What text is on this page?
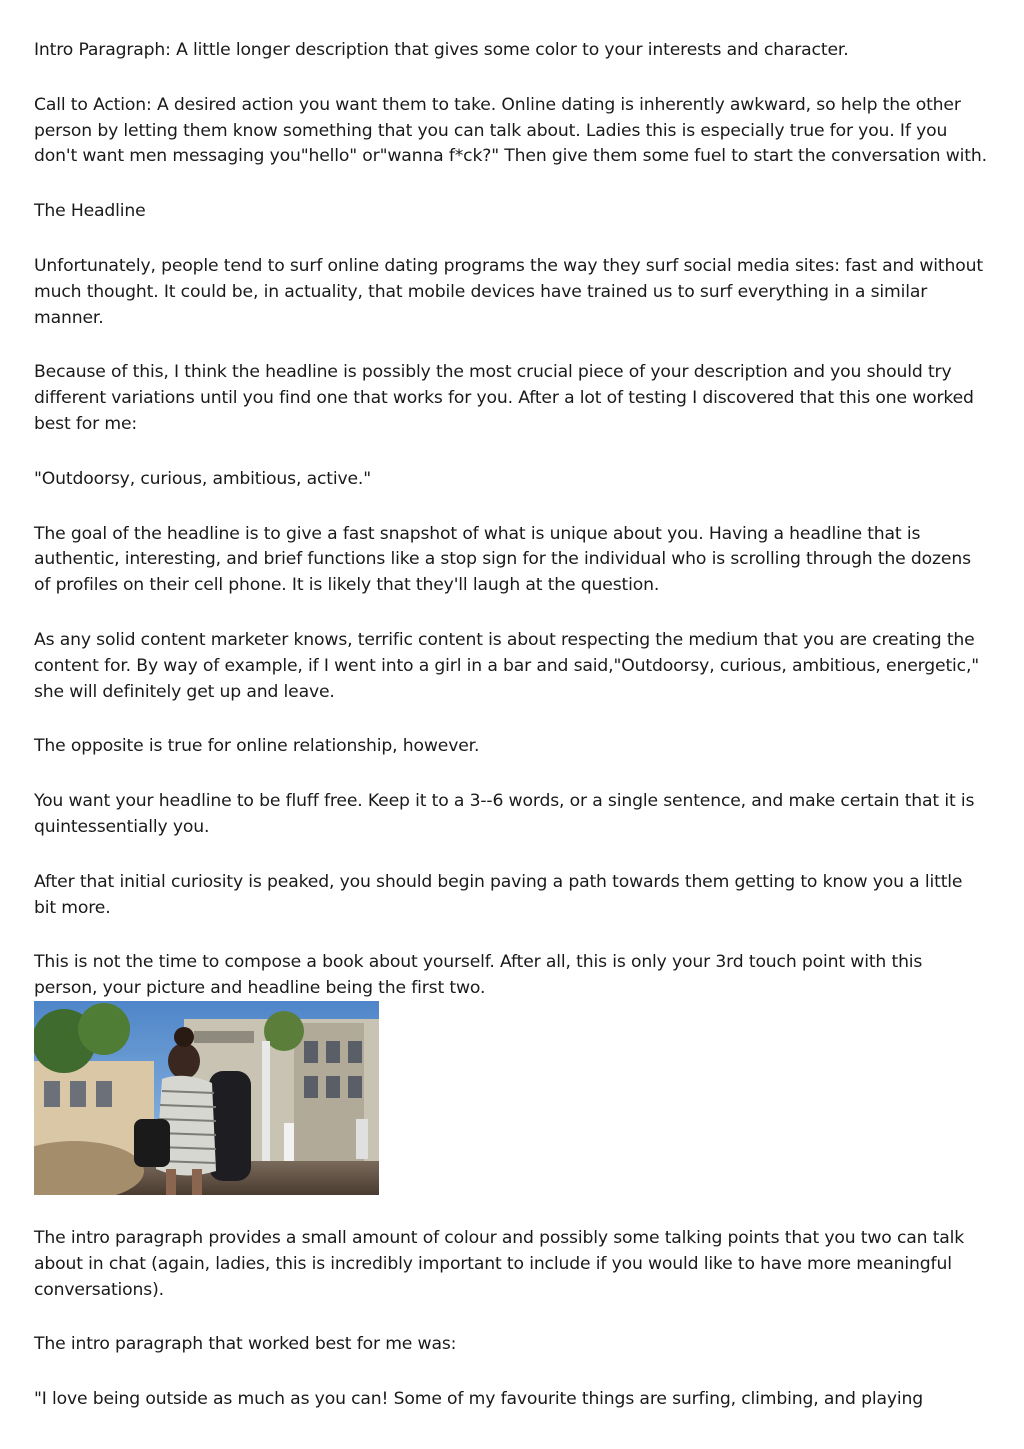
Intro Paragraph: A little longer description that gives some color to your interests and character.

Call to Action: A desired action you want them to take. Online dating is inherently awkward, so help the other person by letting them know something that you can talk about. Ladies this is especially true for you. If you don't want men messaging you"hello" or"wanna f*ck?" Then give them some fuel to start the conversation with.

The Headline

Unfortunately, people tend to surf online dating programs the way they surf social media sites: fast and without much thought. It could be, in actuality, that mobile devices have trained us to surf everything in a similar manner.

Because of this, I think the headline is possibly the most crucial piece of your description and you should try different variations until you find one that works for you. After a lot of testing I discovered that this one worked best for me:

"Outdoorsy, curious, ambitious, active."

The goal of the headline is to give a fast snapshot of what is unique about you. Having a headline that is authentic, interesting, and brief functions like a stop sign for the individual who is scrolling through the dozens of profiles on their cell phone. It is likely that they'll laugh at the question.

As any solid content marketer knows, terrific content is about respecting the medium that you are creating the content for. By way of example, if I went into a girl in a bar and said,"Outdoorsy, curious, ambitious, energetic," she will definitely get up and leave.

The opposite is true for online relationship, however.

You want your headline to be fluff free. Keep it to a 3--6 words, or a single sentence, and make certain that it is quintessentially you.

After that initial curiosity is peaked, you should begin paving a path towards them getting to know you a little bit more.

This is not the time to compose a book about yourself. After all, this is only your 3rd touch point with this person, your picture and headline being the first two.

The intro paragraph provides a small amount of colour and possibly some talking points that you two can talk about in chat (again, ladies, this is incredibly important to include if you would like to have more meaningful conversations).

The intro paragraph that worked best for me was:

"I love being outside as much as you can! Some of my favourite things are surfing, climbing, and playing
